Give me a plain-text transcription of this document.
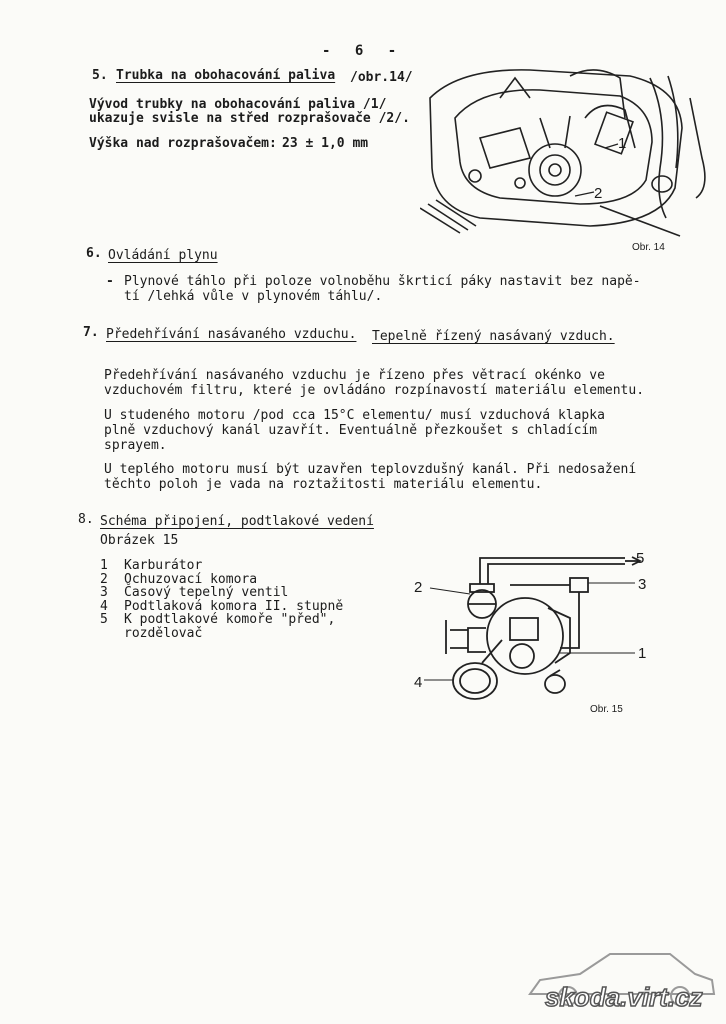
- 6 -
5. Trubka na obohacování paliva /obr.14/
Vývod trubky na obohacování paliva /1/
ukazuje svisle na střed rozprašovače /2/.
Výška nad rozprašovačem: 23 ± 1,0 mm	1
2
Obr. 14
6. Ovládání plynu
- Plynové táhlo při poloze volnoběhu škrticí páky nastavit bez napě-
tí /lehká vůle v plynovém táhlu/.
7. Předehřívání nasávaného vzduchu. Tepelně řízený nasávaný vzduch.
Předehřívání nasávaného vzduchu je řízeno přes větrací okénko ve
vzduchovém filtru, které je ovládáno rozpínavostí materiálu elementu.
U studeného motoru /pod cca 15°C elementu/ musí vzduchová klapka
plně vzduchový kanál uzavřít. Eventuálně přezkoušet s chladícím
sprayem.
U teplého motoru musí být uzavřen teplovzdušný kanál. Při nedosažení
těchto poloh je vada na roztažitosti materiálu elementu.
8. Schéma připojení, podtlakové vedení
Obrázek 15
1	Karburátor
2	Ochuzovací komora
3	Časový tepelný ventil
4	Podtlaková komora II. stupně
5	K podtlakové komoře "před",
rozdělovač
5
2	3
1
4
Obr. 15
skoda.virt.cz
